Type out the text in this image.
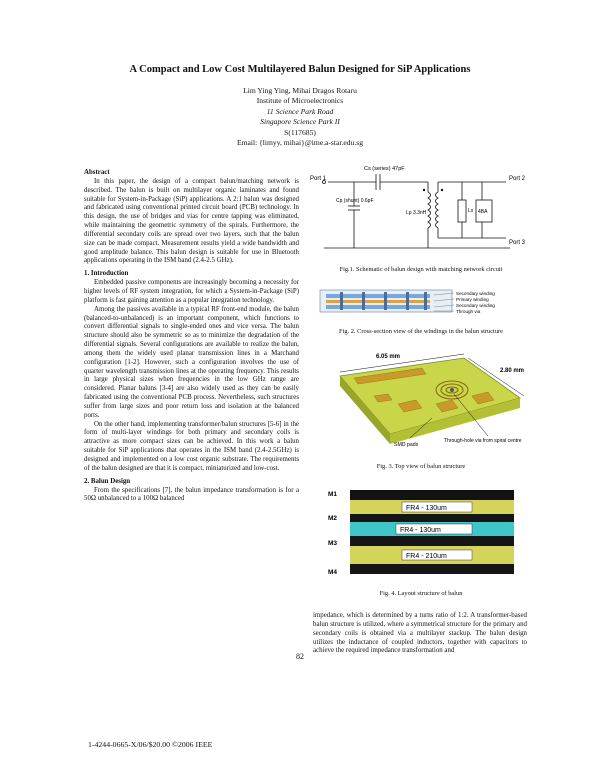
A Compact and Low Cost Multilayered Balun Designed for SiP Applications
Lim Ying Ying, Mihai Dragos Rotaru
Institute of Microelectronics
11 Science Park Road
Singapore Science Park II
S(117685)
Email: {limyy, mihai}@ime.a-star.edu.sg

Abstract

In this paper, the design of a compact balun/matching network is described. The balun is built on multilayer organic laminates and found suitable for System-in-Package (SiP) applications. A 2:1 balun was designed and fabricated using conventional printed circuit board (PCB) technology. In this design, the use of bridges and vias for centre tapping was eliminated, while maintaining the geometric symmetry of the spirals. Furthermore, the differential secondary coils are spread over two layers, such that the balun size can be made compact. Measurement results yield a wide bandwidth and good amplitude balance. This balun design is suitable for use in Bluetooth applications operating in the ISM band (2.4-2.5 GHz).

1. Introduction

Embedded passive components are increasingly becoming a necessity for higher levels of RF system integration, for which a System-in-Package (SiP) platform is fast gaining attention as a popular integration technology.

Among the passives available in a typical RF front-end module, the balun (balanced-to-unbalanced) is an important component, which functions to convert differential signals to single-ended ones and vice versa. The balun structure should also be symmetric so as to minimize the degradation of the differential signals. Several configurations are available to realize the balun, among them the widely used planar transmission lines in a Marchand configuration [1-2]. However, such a configuration involves the use of quarter wavelength transmission lines at the operating frequency. This results in large physical sizes when frequencies in the low GHz range are considered. Planar baluns [3-4] are also widely used as they can be easily fabricated using the conventional PCB process. Nevertheless, such structures suffer from large sizes and poor return loss and isolation at the balanced ports.

On the other hand, implementing transformer/balun structures [5-6] in the form of multi-layer windings for both primary and secondary coils is attractive as more compact sizes can be achieved. In this work a balun suitable for SiP applications that operates in the ISM band (2.4-2.5GHz) is designed and implemented on a low cost organic substrate. The requirements of the balun designed are that it is compact, miniaturized and low-cost.

2. Balun Design

From the specifications [7], the balun impedance transformation is for a 50Ω unbalanced to a 100Ω balanced

Port 1	Port 2
Port 3
Cs (series) 47pF
Cp (shunt) 0.6pF
Lp 3.3nH	Ls 4BA
Fig.1. Schematic of balun design with matching network circuit
Secondary winding
Primary winding
Secondary winding
Through via
Fig. 2. Cross-section view of the windings in the balun structure
6.05 mm
2.80 mm
SMD pads
Through-hole via from spiral centre
Fig. 3. Top view of balun structure
M1
M2
M3
M4
FR4 - 130um
FR4 - 130um
FR4 - 210um
Fig. 4. Layout structure of balun

impedance, which is determined by a turns ratio of 1:2. A transformer-based balun structure is utilized, where a symmetrical structure for the primary and secondary coils is obtained via a multilayer stackup. The balun design utilizes the inductance of coupled inductors, together with capacitors to achieve the required impedance transformation and

82
1-4244-0665-X/06/$20.00 ©2006 IEEE
